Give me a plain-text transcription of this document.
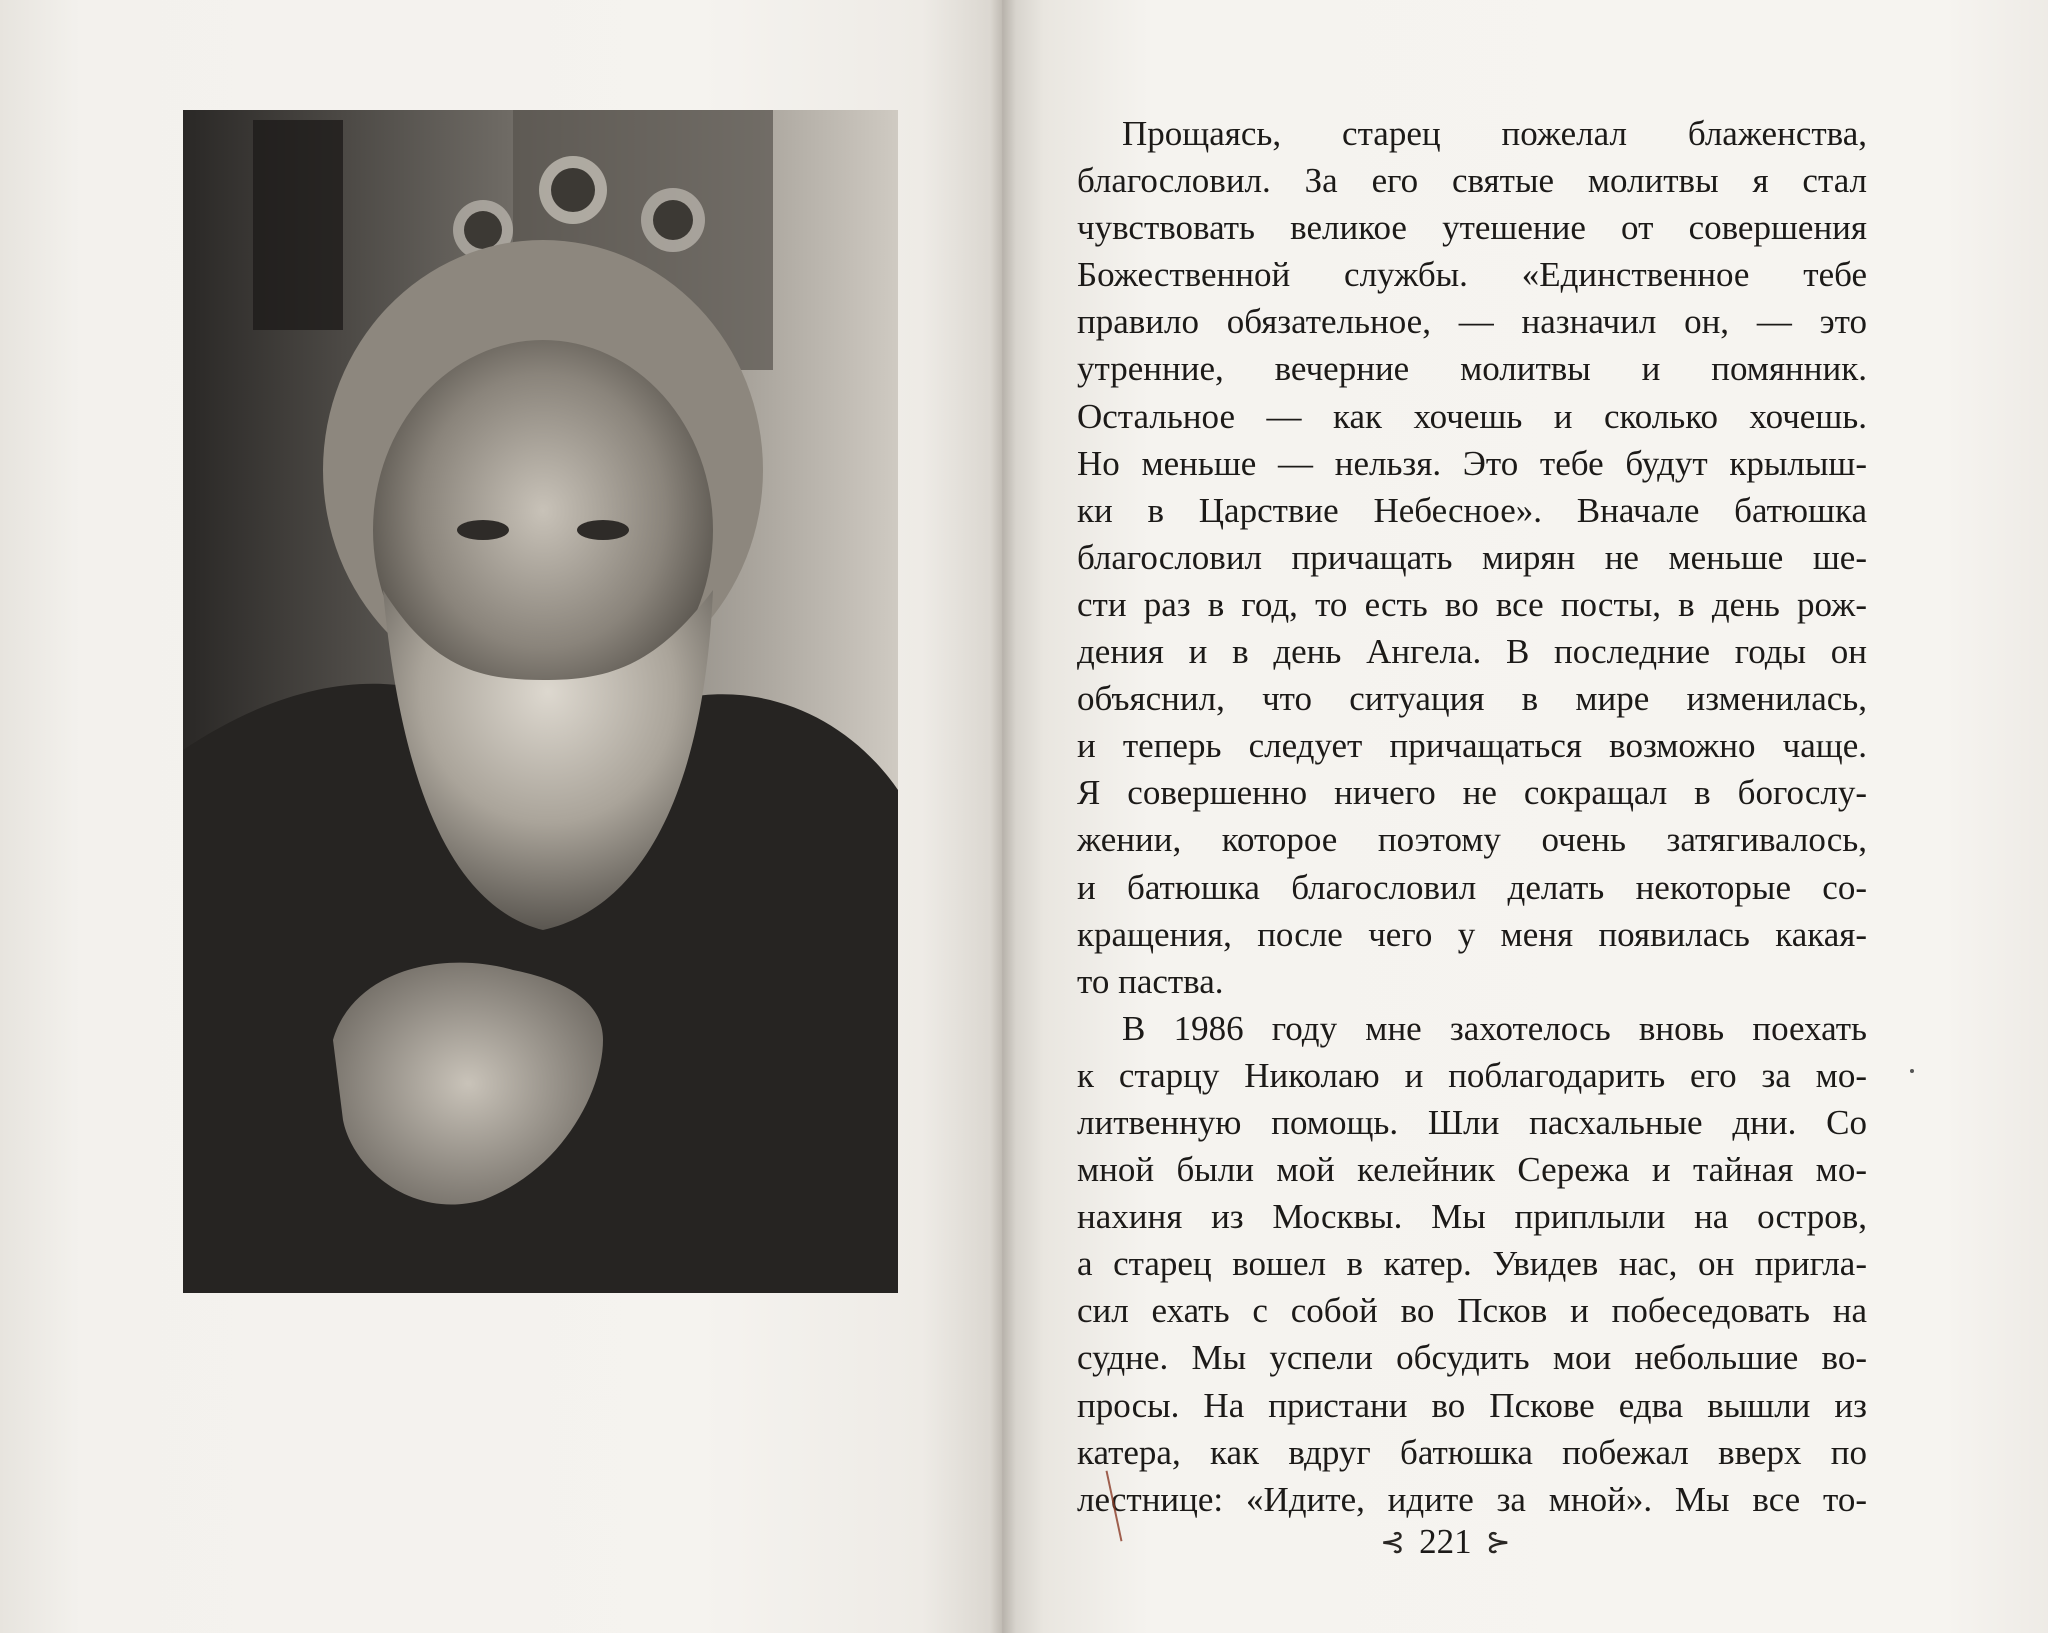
Прощаясь, старец пожелал блаженства,
благословил. За его святые молитвы я стал
чувствовать великое утешение от совершения
Божественной службы. «Единственное тебе
правило обязательное, — назначил он, — это
утренние, вечерние молитвы и помянник.
Остальное — как хочешь и сколько хочешь.
Но меньше — нельзя. Это тебе будут крылыш-
ки в Царствие Небесное». Вначале батюшка
благословил причащать мирян не меньше ше-
сти раз в год, то есть во все посты, в день рож-
дения и в день Ангела. В последние годы он
объяснил, что ситуация в мире изменилась,
и теперь следует причащаться возможно чаще.
Я совершенно ничего не сокращал в богослу-
жении, которое поэтому очень затягивалось,
и батюшка благословил делать некоторые со-
кращения, после чего у меня появилась какая-
то паства.
В 1986 году мне захотелось вновь поехать
к старцу Николаю и поблагодарить его за мо-
литвенную помощь. Шли пасхальные дни. Со
мной были мой келейник Сережа и тайная мо-
нахиня из Москвы. Мы приплыли на остров,
а старец вошел в катер. Увидев нас, он пригла-
сил ехать с собой во Псков и побеседовать на
судне. Мы успели обсудить мои небольшие во-
просы. На пристани во Пскове едва вышли из
катера, как вдруг батюшка побежал вверх по
лестнице: «Идите, идите за мной». Мы все то-
⊰ 221 ⊱
